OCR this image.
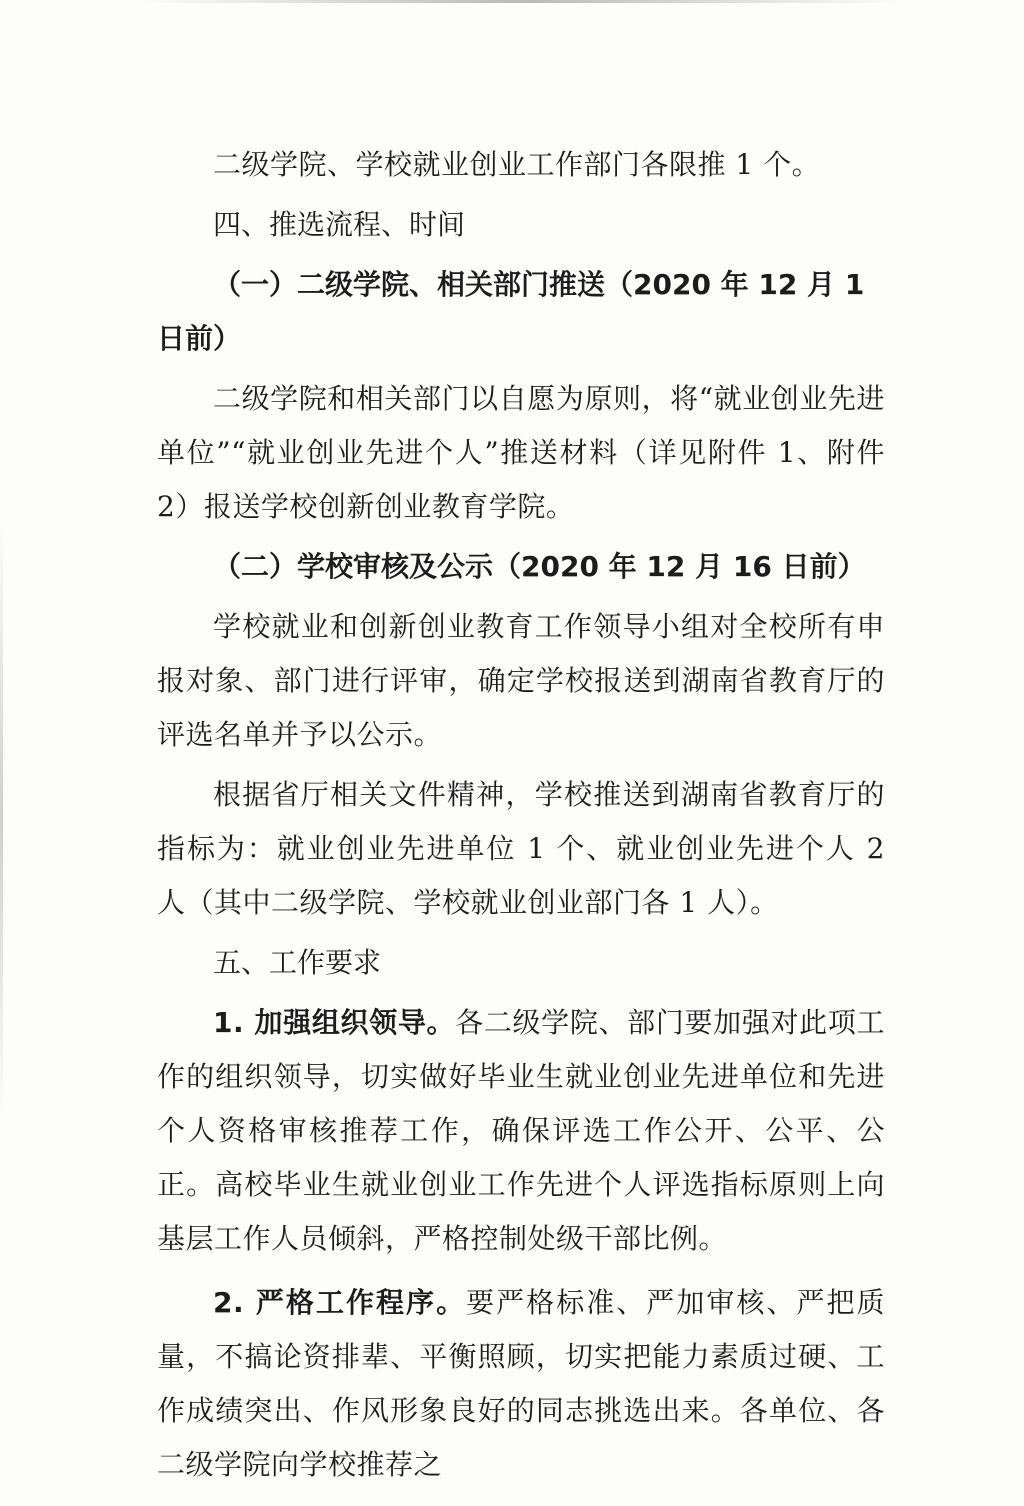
二级学院、学校就业创业工作部门各限推 1 个。

四、推选流程、时间

（一）二级学院、相关部门推送（2020 年 12 月 1 日前）

二级学院和相关部门以自愿为原则，将“就业创业先进单位”“就业创业先进个人”推送材料（详见附件 1、附件 2）报送学校创新创业教育学院。

（二）学校审核及公示（2020 年 12 月 16 日前）

学校就业和创新创业教育工作领导小组对全校所有申报对象、部门进行评审，确定学校报送到湖南省教育厅的评选名单并予以公示。

根据省厅相关文件精神，学校推送到湖南省教育厅的指标为：就业创业先进单位 1 个、就业创业先进个人 2 人（其中二级学院、学校就业创业部门各 1 人）。

五、工作要求

1. 加强组织领导。各二级学院、部门要加强对此项工作的组织领导，切实做好毕业生就业创业先进单位和先进个人资格审核推荐工作，确保评选工作公开、公平、公正。高校毕业生就业创业工作先进个人评选指标原则上向基层工作人员倾斜，严格控制处级干部比例。

2. 严格工作程序。要严格标准、严加审核、严把质量，不搞论资排辈、平衡照顾，切实把能力素质过硬、工作成绩突出、作风形象良好的同志挑选出来。各单位、各二级学院向学校推荐之
